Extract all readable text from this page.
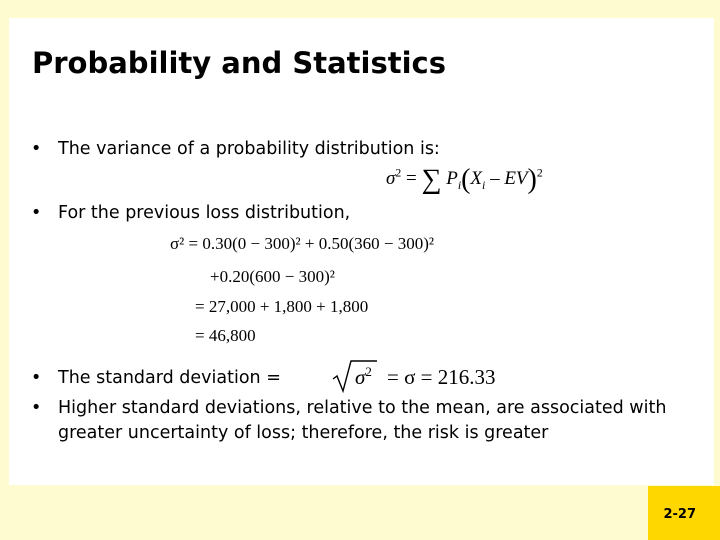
Probability and Statistics
• The variance of a probability distribution is:
$\sigma^2$ = ∑ $P_i(X_i - EV)^2$
• For the previous loss distribution,
σ² = 0.30(0 − 300)² + 0.50(360 − 300)²
+0.20(600 − 300)²
= 27,000 + 1,800 + 1,800
= 46,800
• The standard deviation =	$\sigma^2 = \sigma = 216.33$
• Higher standard deviations, relative to the mean, are associated with greater uncertainty of loss; therefore, the risk is greater
2-27
